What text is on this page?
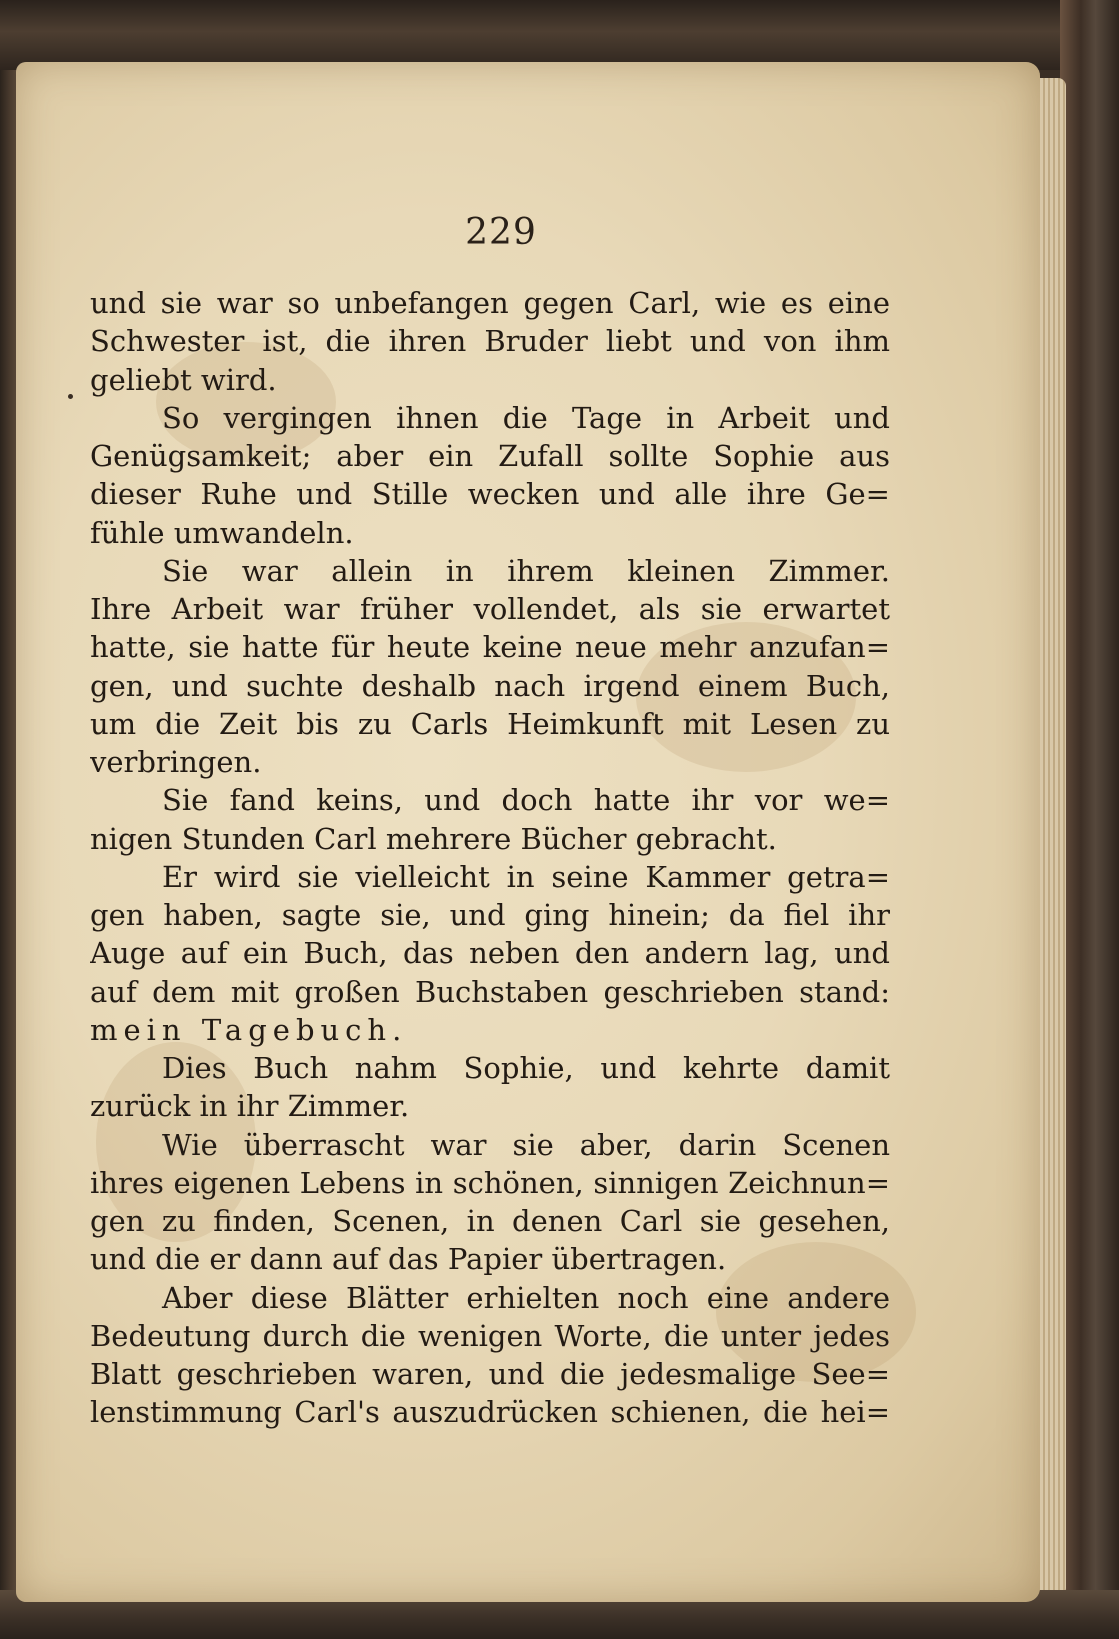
229
und sie war so unbefangen gegen Carl, wie es eine
Schwester ist, die ihren Bruder liebt und von ihm
geliebt wird.
So vergingen ihnen die Tage in Arbeit und
Genügsamkeit; aber ein Zufall sollte Sophie aus
dieser Ruhe und Stille wecken und alle ihre Ge=
fühle umwandeln.
Sie war allein in ihrem kleinen Zimmer.
Ihre Arbeit war früher vollendet, als sie erwartet
hatte, sie hatte für heute keine neue mehr anzufan=
gen, und suchte deshalb nach irgend einem Buch,
um die Zeit bis zu Carls Heimkunft mit Lesen zu
verbringen.
Sie fand keins, und doch hatte ihr vor we=
nigen Stunden Carl mehrere Bücher gebracht.
Er wird sie vielleicht in seine Kammer getra=
gen haben, sagte sie, und ging hinein; da fiel ihr
Auge auf ein Buch, das neben den andern lag, und
auf dem mit großen Buchstaben geschrieben stand:
mein Tagebuch.
Dies Buch nahm Sophie, und kehrte damit
zurück in ihr Zimmer.
Wie überrascht war sie aber, darin Scenen
ihres eigenen Lebens in schönen, sinnigen Zeichnun=
gen zu finden, Scenen, in denen Carl sie gesehen,
und die er dann auf das Papier übertragen.
Aber diese Blätter erhielten noch eine andere
Bedeutung durch die wenigen Worte, die unter jedes
Blatt geschrieben waren, und die jedesmalige See=
lenstimmung Carl's auszudrücken schienen, die hei=
